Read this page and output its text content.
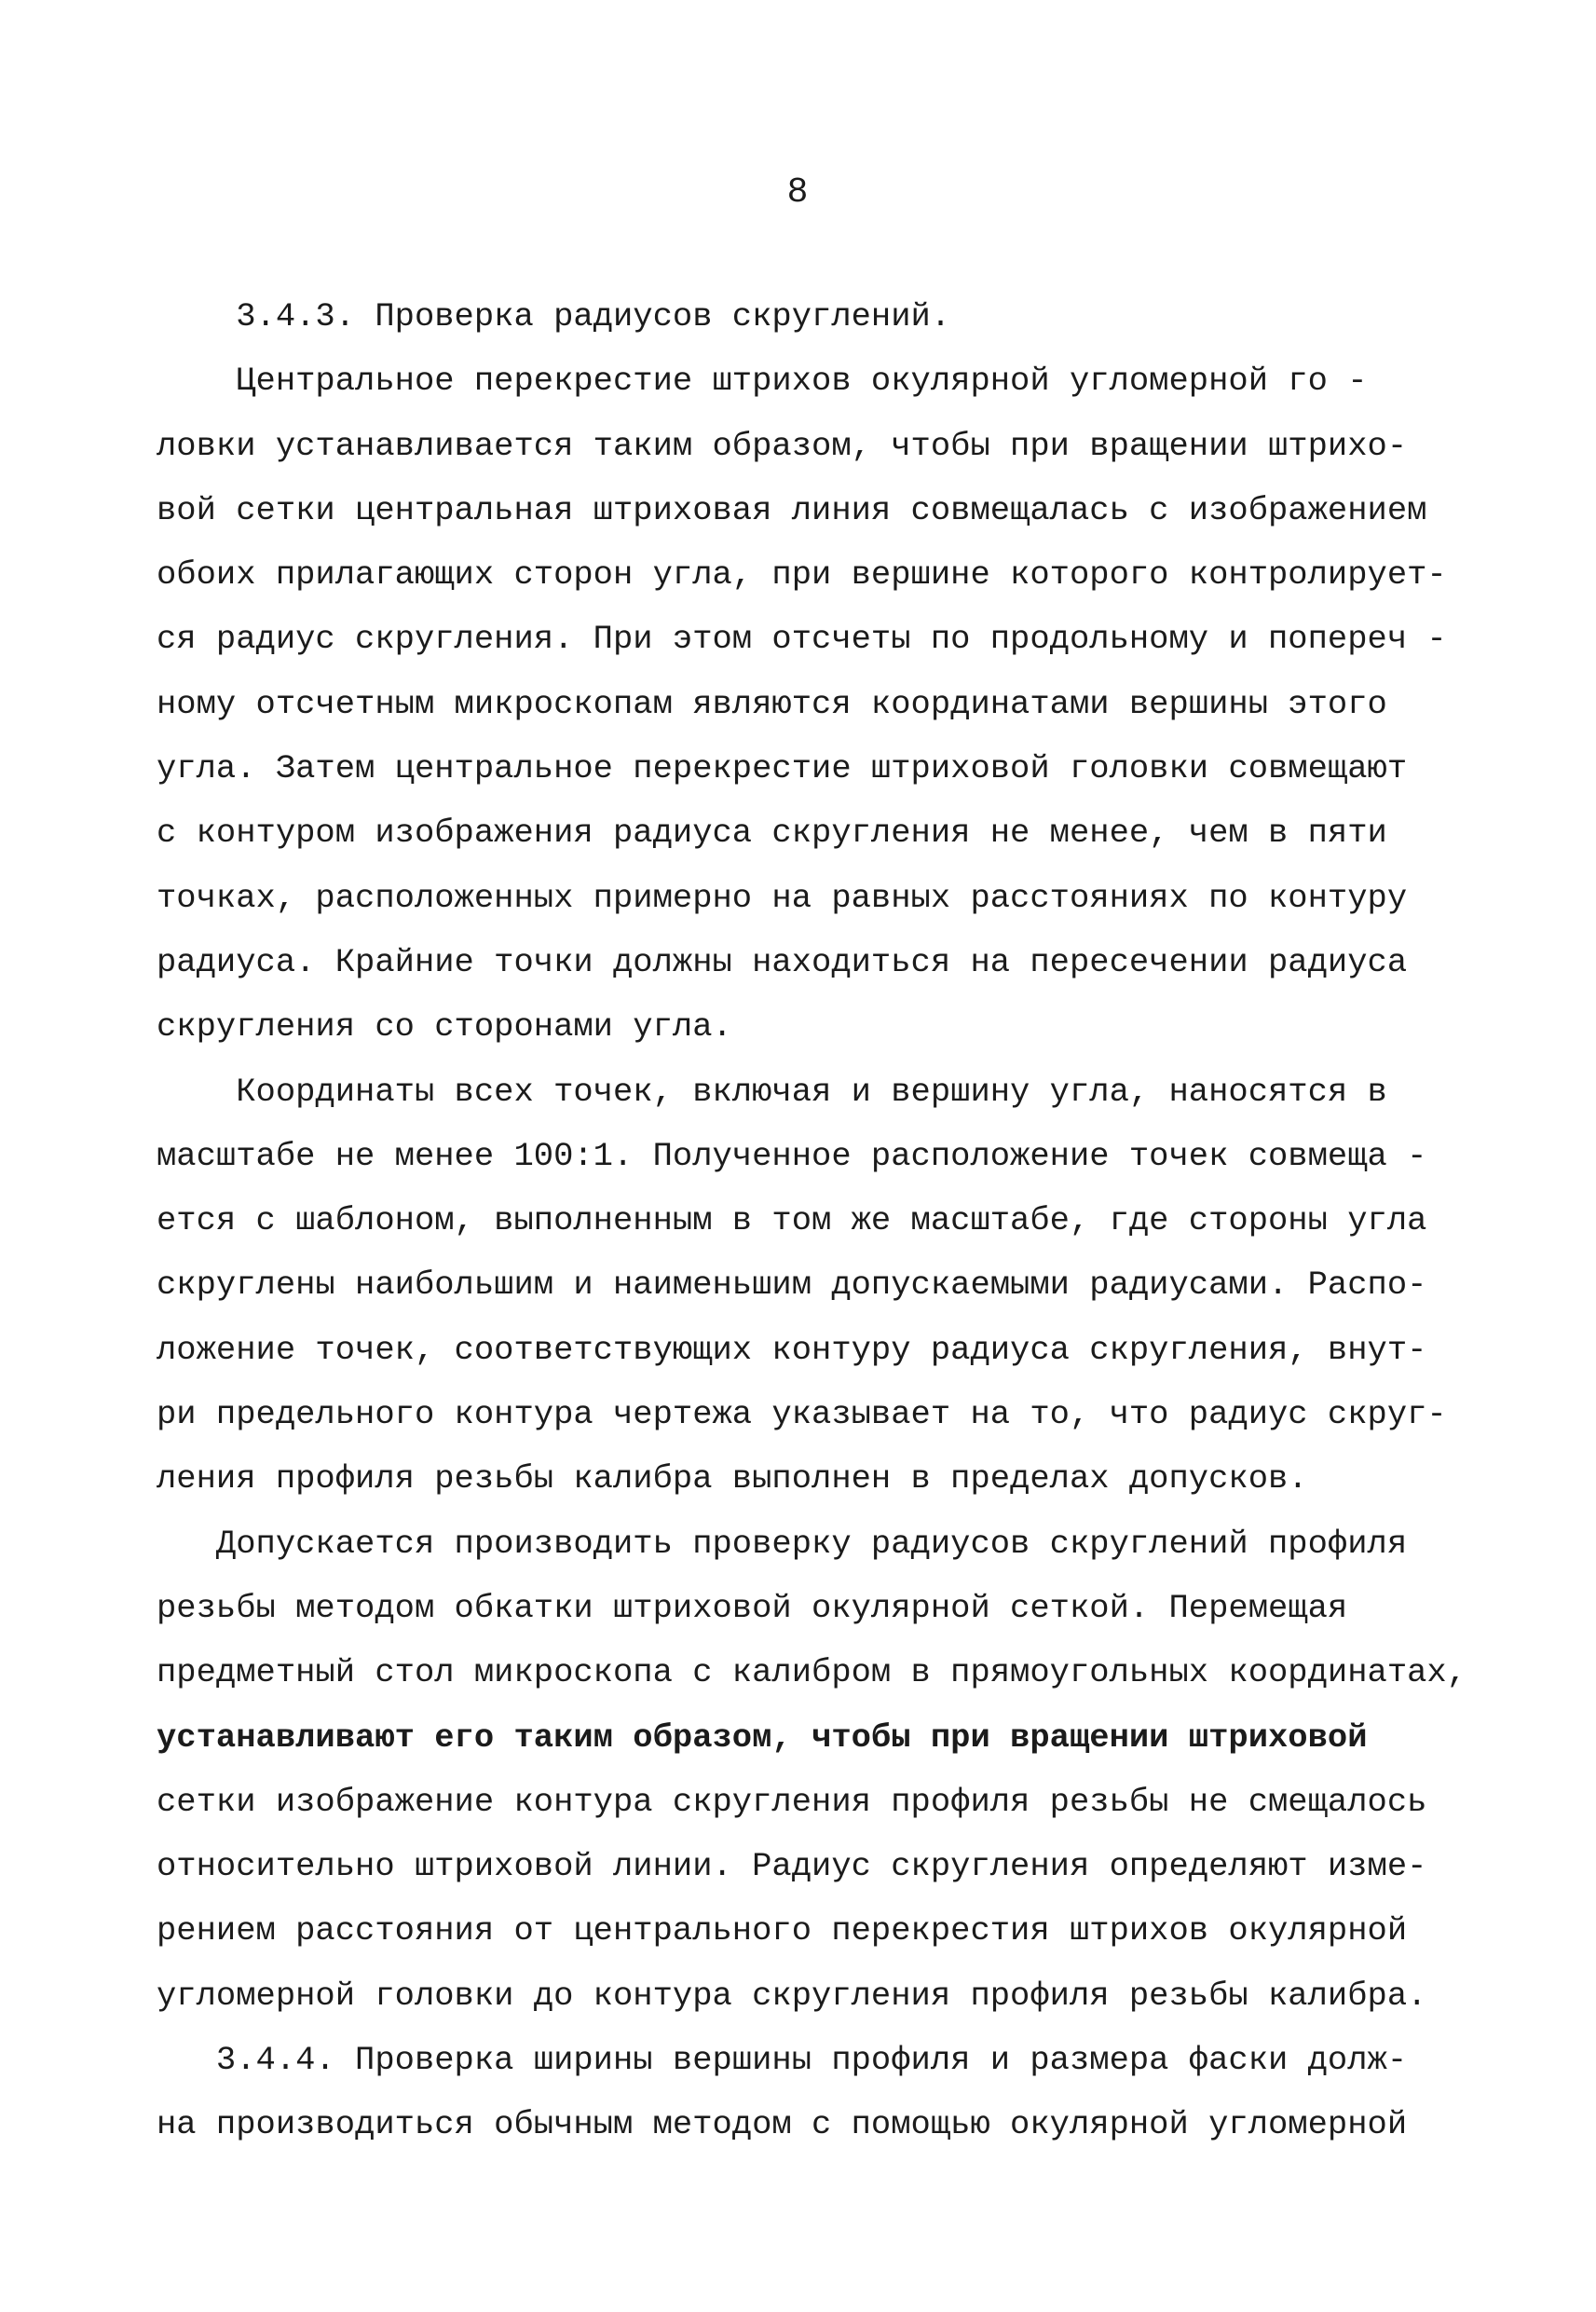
8
3.4.3. Проверка радиусов скруглений.
Центральное перекрестие штрихов окулярной угломерной го -
ловки устанавливается таким образом, чтобы при вращении штрихо-
вой сетки центральная штриховая линия совмещалась с изображением
обоих прилагающих сторон угла, при вершине которого контролирует-
ся радиус скругления. При этом отсчеты по продольному и попереч -
ному отсчетным микроскопам являются координатами вершины этого
угла. Затем центральное перекрестие штриховой головки совмещают
с контуром изображения радиуса скругления не менее, чем в пяти
точках, расположенных примерно на равных расстояниях по контуру
радиуса. Крайние точки должны находиться на пересечении радиуса
скругления со сторонами угла.
Координаты всех точек, включая и вершину угла, наносятся в
масштабе не менее 100:1. Полученное расположение точек совмеща -
ется с шаблоном, выполненным в том же масштабе, где стороны угла
скруглены наибольшим и наименьшим допускаемыми радиусами. Распо-
ложение точек, соответствующих контуру радиуса скругления, внут-
ри предельного контура чертежа указывает на то, что радиус скруг-
ления профиля резьбы калибра выполнен в пределах допусков.
Допускается производить проверку радиусов скруглений профиля
резьбы методом обкатки штриховой окулярной сеткой. Перемещая
предметный стол микроскопа с калибром в прямоугольных координатах,
устанавливают его таким образом, чтобы при вращении штриховой
сетки изображение контура скругления профиля резьбы не смещалось
относительно штриховой линии. Радиус скругления определяют изме-
рением расстояния от центрального перекрестия штрихов окулярной
угломерной головки до контура скругления профиля резьбы калибра.
3.4.4. Проверка ширины вершины профиля и размера фаски долж-
на производиться обычным методом с помощью окулярной угломерной
